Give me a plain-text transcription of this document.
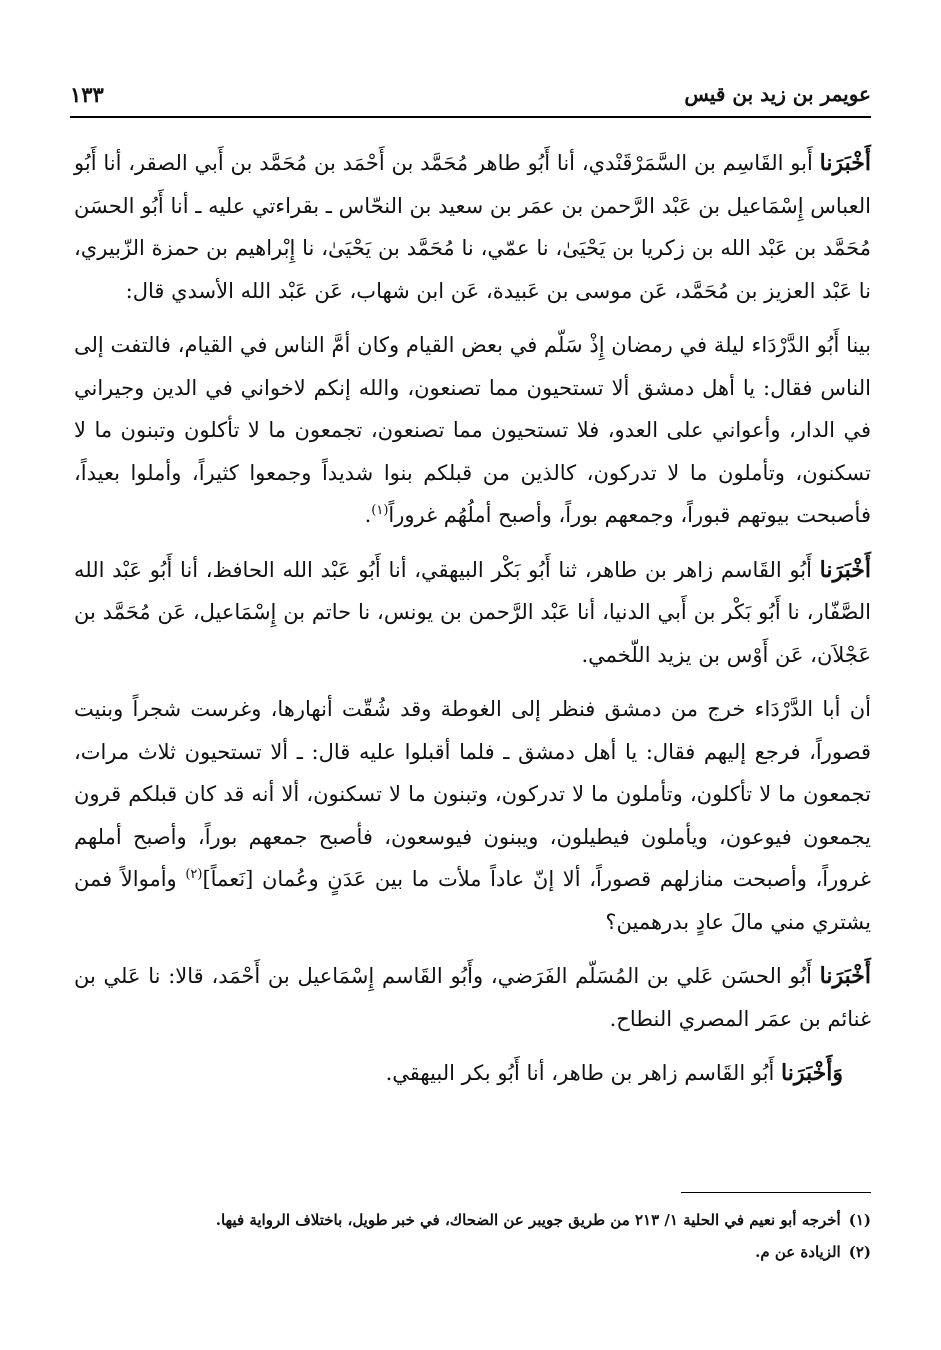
عويمر بن زيد بن قيس
١٣٣

أَخْبَرَنا أَبو القَاسِم بن السَّمَرْقَنْدي، أنا أَبُو طاهر مُحَمَّد بن أَحْمَد بن مُحَمَّد بن أَبي الصقر، أنا أَبُو العباس إِسْمَاعيل بن عَبْد الرَّحمن بن عمَر بن سعيد بن النحّاس ـ بقراءتي عليه ـ أنا أَبُو الحسَن مُحَمَّد بن عَبْد الله بن زكريا بن يَحْيَىٰ، نا عمّي، نا مُحَمَّد بن يَحْيَىٰ، نا إِبْراهيم بن حمزة الزّبيري، نا عَبْد العزيز بن مُحَمَّد، عَن موسى بن عَبيدة، عَن ابن شهاب، عَن عَبْد الله الأسدي قال:

بينا أَبُو الدَّرْدَاء ليلة في رمضان إِذْ سَلّم في بعض القيام وكان أمَّ الناس في القيام، فالتفت إلى الناس فقال: يا أهل دمشق ألا تستحيون مما تصنعون، والله إنكم لاخواني في الدين وجيراني في الدار، وأعواني على العدو، فلا تستحيون مما تصنعون، تجمعون ما لا تأكلون وتبنون ما لا تسكنون، وتأملون ما لا تدركون، كالذين من قبلكم بنوا شديداً وجمعوا كثيراً، وأملوا بعيداً، فأصبحت بيوتهم قبوراً، وجمعهم بوراً، وأصبح أملُهُم غروراً$^{(١)}$.

أَخْبَرَنا أَبُو القَاسم زاهر بن طاهر، ثنا أَبُو بَكْر البيهقي، أنا أَبُو عَبْد الله الحافظ، أنا أَبُو عَبْد الله الصَّفّار، نا أَبُو بَكْر بن أَبي الدنيا، أنا عَبْد الرَّحمن بن يونس، نا حاتم بن إِسْمَاعيل، عَن مُحَمَّد بن عَجْلاَن، عَن أَوْس بن يزيد اللّخمي.

أن أبا الدَّرْدَاء خرج من دمشق فنظر إلى الغوطة وقد شُقّت أنهارها، وغرست شجراً وبنيت قصوراً، فرجع إليهم فقال: يا أهل دمشق ـ فلما أقبلوا عليه قال: ـ ألا تستحيون ثلاث مرات، تجمعون ما لا تأكلون، وتأملون ما لا تدركون، وتبنون ما لا تسكنون، ألا أنه قد كان قبلكم قرون يجمعون فيوعون، ويأملون فيطيلون، ويبنون فيوسعون، فأصبح جمعهم بوراً، وأصبح أملهم غروراً، وأصبحت منازلهم قصوراً، ألا إنّ عاداً ملأت ما بين عَدَنٍ وعُمان [نَعماً]$^{(٢)}$ وأموالاً فمن يشتري مني مالَ عادٍ بدرهمين؟

أَخْبَرَنا أَبُو الحسَن عَلي بن المُسَلّم الفَرَضي، وأَبُو القَاسم إِسْمَاعيل بن أَحْمَد، قالا: نا عَلي بن غنائم بن عمَر المصري النطاح.

وَأَخْبَرَنا أَبُو القَاسم زاهر بن طاهر، أنا أَبُو بكر البيهقي.

(١)أخرجه أبو نعيم في الحلية ١/ ٢١٣ من طريق جويبر عن الضحاك، في خبر طويل، باختلاف الرواية فيها.
(٢)الزيادة عن م.
